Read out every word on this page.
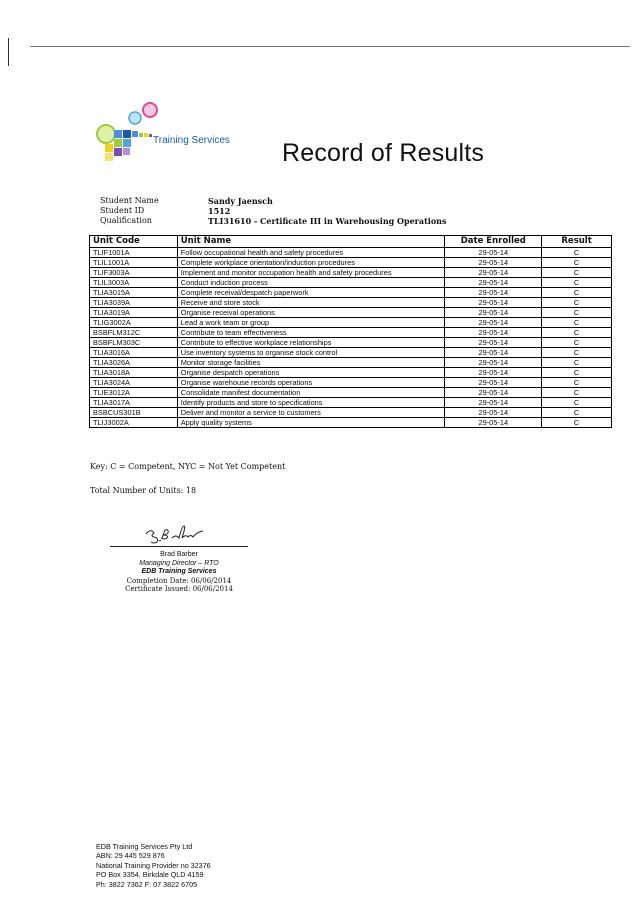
Training Services Record of Results
Student Name	Sandy Jaensch
Student ID	1512
Qualification	TLI31610 - Certificate III in Warehousing Operations
Unit Code	Unit Name	Date Enrolled	Result
TLIF1001A	Follow occupational health and safety procedures	29-05-14	C
TLIL1001A	Complete workplace orientation/induction procedures	29-05-14	C
TLIF3003A	Implement and monitor occupation health and safety procedures	29-05-14	C
TLIL3003A	Conduct induction process	29-05-14	C
TLIA3015A	Complete receival/despatch paperwork	29-05-14	C
TLIA3039A	Receive and store stock	29-05-14	C
TLIA3019A	Organise receival operations	29-05-14	C
TLIG3002A	Lead a work team or group	29-05-14	C
BSBFLM312C	Contribute to team effectiveness	29-05-14	C
BSBFLM303C	Contribute to effective workplace relationships	29-05-14	C
TLIA3016A	Use inventory systems to organise stock control	29-05-14	C
TLIA3026A	Monitor storage facilities	29-05-14	C
TLIA3018A	Organise despatch operations	29-05-14	C
TLIA3024A	Organise warehouse records operations	29-05-14	C
TLIE3012A	Consolidate manifest documentation	29-05-14	C
TLIA3017A	Identify products and store to specifications	29-05-14	C
BSBCUS301B	Deliver and monitor a service to customers	29-05-14	C
TLIJ3002A	Apply quality systems	29-05-14	C
Key: C = Competent, NYC = Not Yet Competent
Total Number of Units: 18
Brad Barber
Managing Director – RTO
EDB Training Services
Completion Date: 06/06/2014
Certificate Issued: 06/06/2014
EDB Training Services Pty Ltd
ABN: 29 445 529 876
National Training Provider no 32376
PO Box 3354, Birkdale QLD 4159
Ph: 3822 7362 F: 07 3822 6705
